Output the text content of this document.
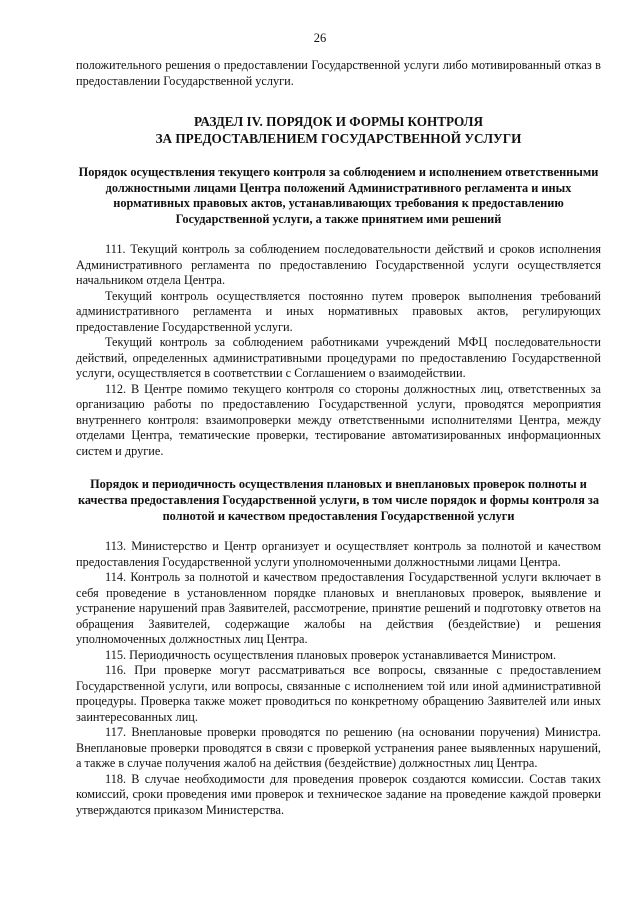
26

положительного решения о предоставлении Государственной услуги либо мотивированный отказ в предоставлении Государственной услуги.

РАЗДЕЛ IV. ПОРЯДОК И ФОРМЫ КОНТРОЛЯ
ЗА ПРЕДОСТАВЛЕНИЕМ ГОСУДАРСТВЕННОЙ УСЛУГИ
Порядок осуществления текущего контроля за соблюдением и исполнением ответственными должностными лицами Центра положений Административного регламента и иных нормативных правовых актов, устанавливающих требования к предоставлению Государственной услуги, а также принятием ими решений

111. Текущий контроль за соблюдением последовательности действий и сроков исполнения Административного регламента по предоставлению Государственной услуги осуществляется начальником отдела Центра.

Текущий контроль осуществляется постоянно путем проверок выполнения требований административного регламента и иных нормативных правовых актов, регулирующих предоставление Государственной услуги.

Текущий контроль за соблюдением работниками учреждений МФЦ последовательности действий, определенных административными процедурами по предоставлению Государственной услуги, осуществляется в соответствии с Соглашением о взаимодействии.

112. В Центре помимо текущего контроля со стороны должностных лиц, ответственных за организацию работы по предоставлению Государственной услуги, проводятся мероприятия внутреннего контроля: взаимопроверки между ответственными исполнителями Центра, между отделами Центра, тематические проверки, тестирование автоматизированных информационных систем и другие.

Порядок и периодичность осуществления плановых и внеплановых проверок полноты и качества предоставления Государственной услуги, в том числе порядок и формы контроля за полнотой и качеством предоставления Государственной услуги

113. Министерство и Центр организует и осуществляет контроль за полнотой и качеством предоставления Государственной услуги уполномоченными должностными лицами Центра.

114. Контроль за полнотой и качеством предоставления Государственной услуги включает в себя проведение в установленном порядке плановых и внеплановых проверок, выявление и устранение нарушений прав Заявителей, рассмотрение, принятие решений и подготовку ответов на обращения Заявителей, содержащие жалобы на действия (бездействие) и решения уполномоченных должностных лиц Центра.

115. Периодичность осуществления плановых проверок устанавливается Министром.

116. При проверке могут рассматриваться все вопросы, связанные с предоставлением Государственной услуги, или вопросы, связанные с исполнением той или иной административной процедуры. Проверка также может проводиться по конкретному обращению Заявителей или иных заинтересованных лиц.

117. Внеплановые проверки проводятся по решению (на основании поручения) Министра. Внеплановые проверки проводятся в связи с проверкой устранения ранее выявленных нарушений, а также в случае получения жалоб на действия (бездействие) должностных лиц Центра.

118. В случае необходимости для проведения проверок создаются комиссии. Состав таких комиссий, сроки проведения ими проверок и техническое задание на проведение каждой проверки утверждаются приказом Министерства.
